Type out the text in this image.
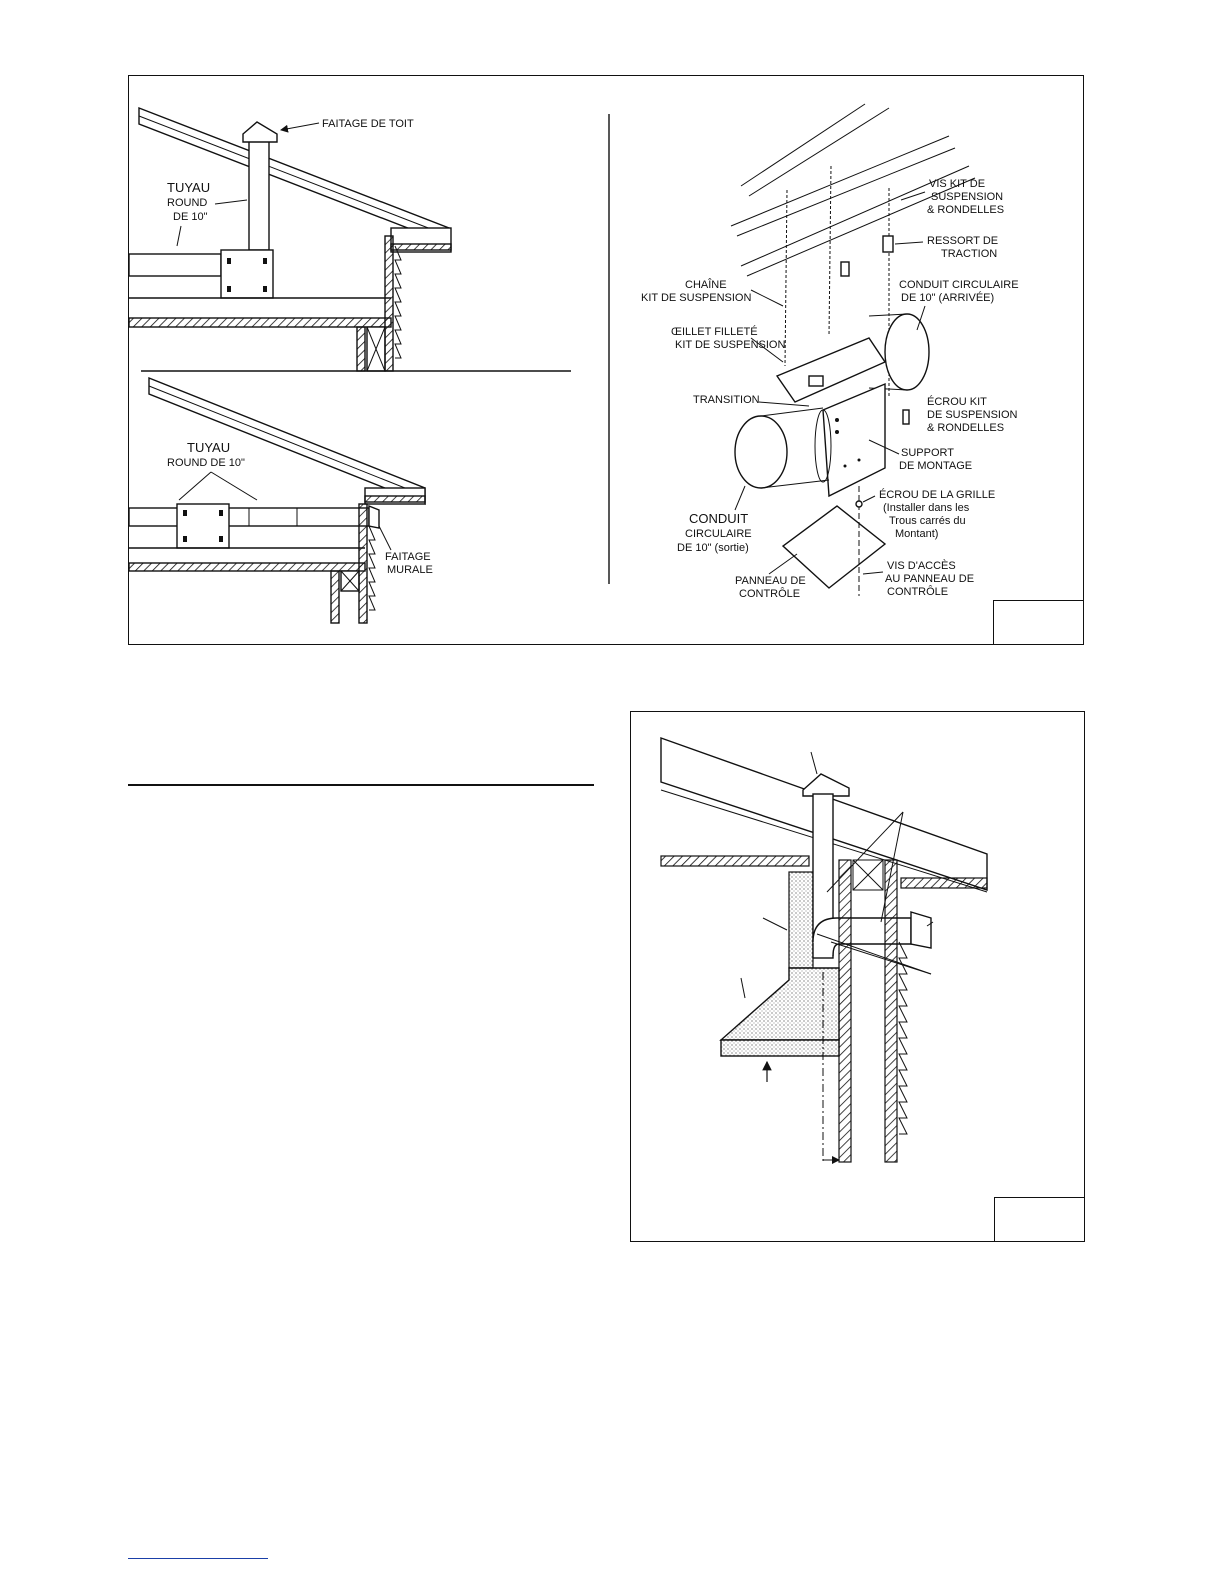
FAITAGE DE TOIT
TUYAU
ROUND
DE 10"
TUYAU
ROUND DE 10"
FAITAGE
MURALE
VIS KIT DE
SUSPENSION
& RONDELLES
RESSORT DE
TRACTION
CHAÎNE
KIT DE SUSPENSION
CONDUIT CIRCULAIRE
DE 10" (ARRIVÉE)
ŒILLET FILLETÉ
KIT DE SUSPENSION
TRANSITION	ÉCROU KIT
DE SUSPENSION
& RONDELLES
SUPPORT
DE MONTAGE
ÉCROU DE LA GRILLE
(Installer dans les
Trous carrés du
Montant)
CONDUIT
CIRCULAIRE
DE 10" (sortie)
VIS D'ACCÈS
AU PANNEAU DE
CONTRÔLE
PANNEAU DE
CONTRÔLE
